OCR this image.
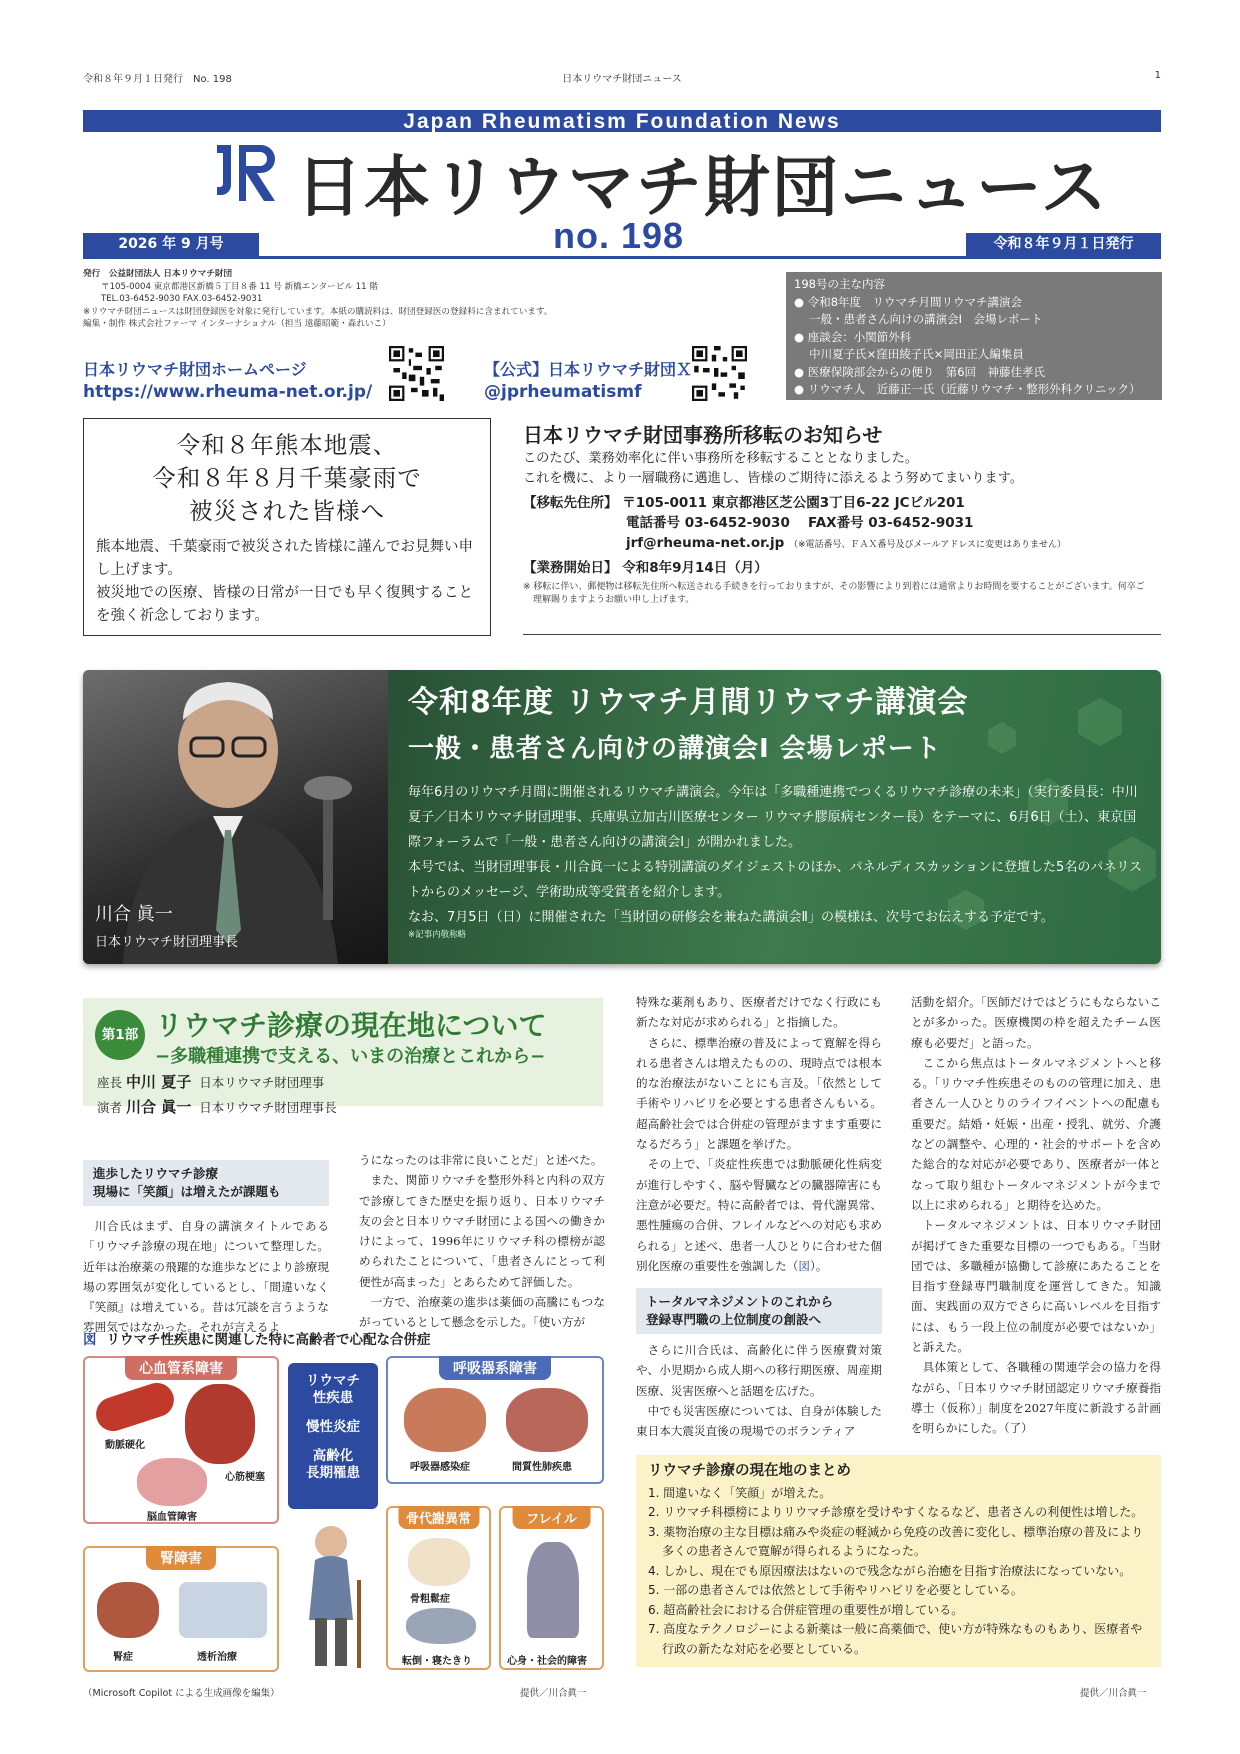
令和８年９月１日発行　No. 198	日本リウマチ財団ニュース	1
Japan Rheumatism Foundation News
日本リウマチ財団ニュース
2026 年 9 月号	no. 198	令和８年９月１日発行
発行　 公益財団法人 日本リウマチ財団
〒105-0004 東京都港区新橋５丁目８番 11 号 新橋エンタービル 11 階
TEL.03-6452-9030 FAX.03-6452-9031
※リウマチ財団ニュースは財団登録医を対象に発行しています。本紙の購読料は、財団登録医の登録料に含まれています。
編集・制作 株式会社ファーマ インターナショナル（担当 遠藤昭範・森れいこ）
日本リウマチ財団ホームページ
https://www.rheuma-net.or.jp/
【公式】日本リウマチ財団Ｘ
@jprheumatismf
198号の主な内容
● 令和8年度　リウマチ月間リウマチ講演会
　 一般・患者さん向けの講演会Ⅰ　会場レポート
● 座談会：小関節外科
　 中川夏子氏×窪田綾子氏×岡田正人編集員
● 医療保険部会からの便り　第6回　神藤佳孝氏
● リウマチ人　近藤正一氏（近藤リウマチ・整形外科クリニック）
令和８年熊本地震、
令和８年８月千葉豪雨で
被災された皆様へ

熊本地震、千葉豪雨で被災された皆様に謹んでお見舞い申し上げます。

被災地での医療、皆様の日常が一日でも早く復興することを強く祈念しております。

日本リウマチ財団事務所移転のお知らせ
このたび、業務効率化に伴い事務所を移転することとなりました。
これを機に、より一層職務に邁進し、皆様のご期待に添えるよう努めてまいります。
【移転先住所】 〒105-0011 東京都港区芝公園3丁目6-22 JCビル201
電話番号 03-6452-9030　 FAX番号 03-6452-9031
jrf@rheuma-net.or.jp （※電話番号、ＦＡＸ番号及びメールアドレスに変更はありません）
【業務開始日】 令和8年9月14日（月）
※ 移転に伴い、郵便物は移転先住所へ転送される手続きを行っておりますが、その影響により到着には通常よりお時間を要することがございます。何卒ご理解賜りますようお願い申し上げます。
川合 眞一
日本リウマチ財団理事長
令和8年度 リウマチ月間リウマチ講演会
一般・患者さん向けの講演会Ⅰ 会場レポート
毎年6月のリウマチ月間に開催されるリウマチ講演会。今年は「多職種連携でつくるリウマチ診療の未来」（実行委員長：中川夏子／日本リウマチ財団理事、兵庫県立加古川医療センター リウマチ膠原病センター長）をテーマに、6月6日（土）、東京国際フォーラムで「一般・患者さん向けの講演会Ⅰ」が開かれました。
本号では、当財団理事長・川合眞一による特別講演のダイジェストのほか、パネルディスカッションに登壇した5名のパネリストからのメッセージ、学術助成等受賞者を紹介します。
なお、7月5日（日）に開催された「当財団の研修会を兼ねた講演会Ⅱ」の模様は、次号でお伝えする予定です。
※記事内敬称略
第1部 リウマチ診療の現在地について
−多職種連携で支える、いまの治療とこれから−
座長 中川 夏子 日本リウマチ財団理事
演者 川合 眞一 日本リウマチ財団理事長
進歩したリウマチ診療
現場に「笑顔」は増えたが課題も

川合氏はまず、自身の講演タイトルである「リウマチ診療の現在地」について整理した。近年は治療薬の飛躍的な進歩などにより診療現場の雰囲気が変化しているとし、「間違いなく『笑顔』は増えている。昔は冗談を言うような雰囲気ではなかった。それが言えるよ

うになったのは非常に良いことだ」と述べた。

また、関節リウマチを整形外科と内科の双方で診療してきた歴史を振り返り、日本リウマチ友の会と日本リウマチ財団による国への働きかけによって、1996年にリウマチ科の標榜が認められたことについて、「患者さんにとって利便性が高まった」とあらためて評価した。

一方で、治療薬の進歩は薬価の高騰にもつながっているとして懸念を示した。「使い方が

特殊な薬剤もあり、医療者だけでなく行政にも新たな対応が求められる」と指摘した。

さらに、標準治療の普及によって寛解を得られる患者さんは増えたものの、現時点では根本的な治療法がないことにも言及。「依然として手術やリハビリを必要とする患者さんもいる。超高齢社会では合併症の管理がますます重要になるだろう」と課題を挙げた。

その上で、「炎症性疾患では動脈硬化性病変が進行しやすく、脳や腎臓などの臓器障害にも注意が必要だ。特に高齢者では、骨代謝異常、悪性腫瘍の合併、フレイルなどへの対応も求められる」と述べ、患者一人ひとりに合わせた個別化医療の重要性を強調した（図）。

トータルマネジメントのこれから
登録専門職の上位制度の創設へ

さらに川合氏は、高齢化に伴う医療費対策や、小児期から成人期への移行期医療、周産期医療、災害医療へと話題を広げた。

中でも災害医療については、自身が体験した東日本大震災直後の現場でのボランティア

活動を紹介。「医師だけではどうにもならないことが多かった。医療機関の枠を超えたチーム医療も必要だ」と語った。

ここから焦点はトータルマネジメントへと移る。「リウマチ性疾患そのものの管理に加え、患者さん一人ひとりのライフイベントへの配慮も重要だ。結婚・妊娠・出産・授乳、就労、介護などの調整や、心理的・社会的サポートを含めた総合的な対応が必要であり、医療者が一体となって取り組むトータルマネジメントが今まで以上に求められる」と期待を込めた。

トータルマネジメントは、日本リウマチ財団が掲げてきた重要な目標の一つでもある。「当財団では、多職種が協働して診療にあたることを目指す登録専門職制度を運営してきた。知識面、実践面の双方でさらに高いレベルを目指すには、もう一段上位の制度が必要ではないか」と訴えた。

具体策として、各職種の関連学会の協力を得ながら、「日本リウマチ財団認定リウマチ療養指導士（仮称）」制度を2027年度に新設する計画を明らかにした。（了）

図 リウマチ性疾患に関連した特に高齢者で心配な合併症
心血管系障害
動脈硬化
心筋梗塞
脳血管障害
リウマチ
性疾患
慢性炎症
高齢化
長期罹患
呼吸器系障害
呼吸器感染症	間質性肺疾患
腎障害
腎症	透析治療
骨代謝異常
骨粗鬆症
転倒・寝たきり
フレイル
心身・社会的障害
（Microsoft Copilot による生成画像を編集）	提供／川合眞一
リウマチ診療の現在地のまとめ
1. 間違いなく「笑顔」が増えた。
2. リウマチ科標榜によりリウマチ診療を受けやすくなるなど、患者さんの利便性は増した。
3. 薬物治療の主な目標は痛みや炎症の軽減から免疫の改善に変化し、標準治療の普及により多くの患者さんで寛解が得られるようになった。
4. しかし、現在でも原因療法はないので残念ながら治癒を目指す治療法になっていない。
5. 一部の患者さんでは依然として手術やリハビリを必要としている。
6. 超高齢社会における合併症管理の重要性が増している。
7. 高度なテクノロジーによる新薬は一般に高薬価で、使い方が特殊なものもあり、医療者や行政の新たな対応を必要としている。
提供／川合眞一
